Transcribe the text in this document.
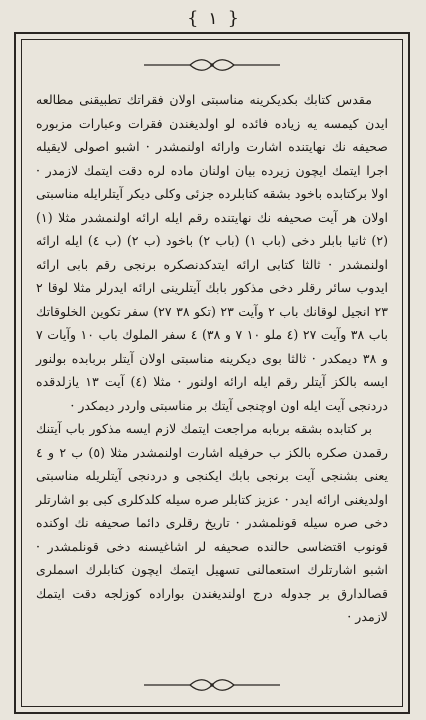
{ ١ }

مقدس كتابك بكديكرينه مناسبتى اولان فقراتك تطبيقنى مطالعه ايدن كيمسه يه زياده فائده لو اولديغندن فقرات وعبارات مزبوره صحيفه نك نهايتنده اشارت وارائه اولنمشدر · اشبو اصولى لايقيله اجرا ايتمك ايچون زيرده بيان اولنان ماده لره دقت ايتمك لازمدر · اولا بركتابده باخود بشقه كتابلرده جزئى وكلى ديكر آيتلرايله مناسبتى اولان هر آيت صحيفه نك نهايتنده رقم ايله ارائه اولنمشدر مثلا (١) (٢) ثانيا بابلر دخى (باب ١) (باب ٢) باخود (ب ٢) (ب ٤) ايله ارائه اولنمشدر · ثالثا كتابى ارائه ايتدكدنصكره برنجى رقم بابى ارائه ايدوب سائر رقلر دخى مذكور بابك آيتلرينى ارائه ايدرلر مثلا لوقا ٢ ٢٣ انجيل لوقانك باب ٢ وآيت ٢٣ (تكو ٣٨ ٢٧) سفر تكوين الخلوقاتك باب ٣٨ وآيت ٢٧ (٤ ملو ١٠ ٧ و ٣٨) ٤ سفر الملوك باب ١٠ وآيات ٧ و ٣٨ ديمكدر · ثالثا بوى ديكرينه مناسبتى اولان آيتلر بربابده بولنور ايسه بالكز آيتلر رقم ايله ارائه اولنور · مثلا (٤) آيت ١٣ يازلدقده دردنجى آيت ايله اون اوچنجى آيتك بر مناسبتى واردر ديمكدر ·

بر كتابده بشقه بربابه مراجعت ايتمك لازم ايسه مذكور باب آيتنك رقمدن صكره بالكز ب حرفيله اشارت اولنمشدر مثلا (٥) ب ٢ و ٤ يعنى بشنجى آيت برنجى بابك ايكنجى و دردنجى آيتلريله مناسبتى اولديغنى ارائه ايدر · عزيز كتابلر صره سيله كلدكلرى كبى بو اشارتلر دخى صره سيله قونلمشدر · تاريخ رقلرى دائما صحيفه نك اوكنده قونوب اقتضاسى حالنده صحيفه لر اشاغيسنه دخى قونلمشدر · اشبو اشارتلرك استعمالنى تسهيل ايتمك ايچون كتابلرك اسملرى قصالدارق بر جدوله درج اولنديغندن بواراده كوزلجه دقت ايتمك لازمدر ·
